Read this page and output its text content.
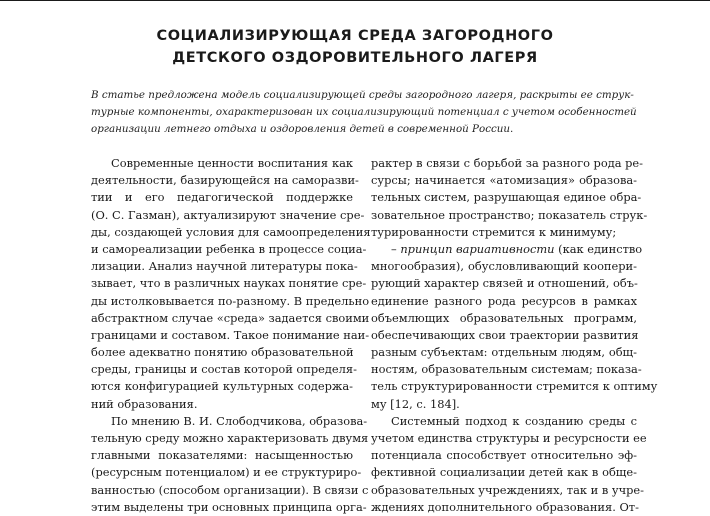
· · · ·
СОЦИАЛИЗИРУЮЩАЯ СРЕДА ЗАГОРОДНОГО
ДЕТСКОГО ОЗДОРОВИТЕЛЬНОГО ЛАГЕРЯ
В статье предложена модель социализирующей среды загородного лагеря, раскрыты ее струк-
турные компоненты, охарактеризован их социализирующий потенциал с учетом особенностей
организации летнего отдыха и оздоровления детей в современной России.
Современные ценности воспитания как
деятельности, базирующейся на саморазви-
тии и его педагогической поддержке
(О. С. Газман), актуализируют значение сре-
ды, создающей условия для самоопределения
и самореализации ребенка в процессе социа-
лизации. Анализ научной литературы пока-
зывает, что в различных науках понятие сре-
ды истолковывается по-разному. В предельно
абстрактном случае «среда» задается своими
границами и составом. Такое понимание наи-
более адекватно понятию образовательной
среды, границы и состав которой определя-
ются конфигурацией культурных содержа-
ний образования.
По мнению В. И. Слободчикова, образова-
тельную среду можно характеризовать двумя
главными показателями: насыщенностью
(ресурсным потенциалом) и ее структуриро-
ванностью (способом организации). В связи с
этим выделены три основных принципа орга-
рактер в связи с борьбой за разного рода ре-
сурсы; начинается «атомизация» образова-
тельных систем, разрушающая единое обра-
зовательное пространство; показатель струк-
турированности стремится к минимуму;
– принцип вариативности (как единство
многообразия), обусловливающий коопери-
рующий характер связей и отношений, объ-
единение разного рода ресурсов в рамках
объемлющих образовательных программ,
обеспечивающих свои траектории развития
разным субъектам: отдельным людям, общ-
ностям, образовательным системам; показа-
тель структурированности стремится к оптиму
му [12, с. 184].
Системный подход к созданию среды с
учетом единства структуры и ресурсности ее
потенциала способствует относительно эф-
фективной социализации детей как в обще-
образовательных учреждениях, так и в учре-
ждениях дополнительного образования. От-
